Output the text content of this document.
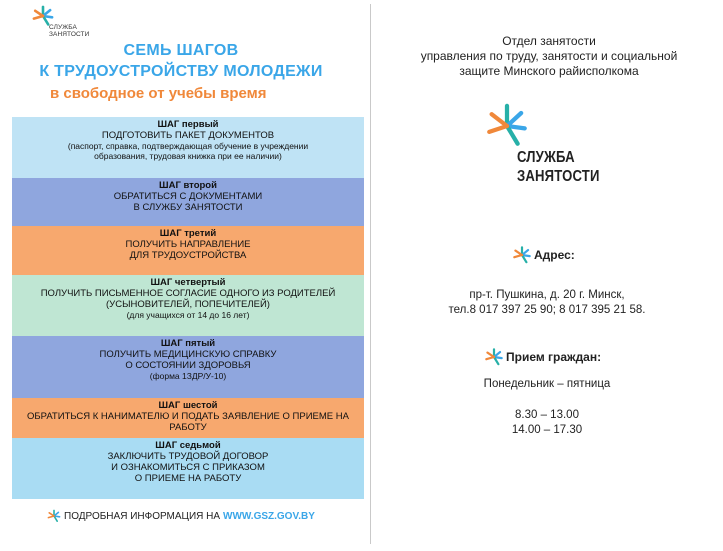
СЛУЖБА
ЗАНЯТОСТИ
СЕМЬ ШАГОВ
К ТРУДОУСТРОЙСТВУ МОЛОДЕЖИ
в свободное от учебы время
ШАГ первый
ПОДГОТОВИТЬ ПАКЕТ ДОКУМЕНТОВ
(паспорт, справка, подтверждающая обучение в учреждении
образования, трудовая книжка при ее наличии)
ШАГ второй
ОБРАТИТЬСЯ С ДОКУМЕНТАМИ
В СЛУЖБУ ЗАНЯТОСТИ
ШАГ третий
ПОЛУЧИТЬ НАПРАВЛЕНИЕ
ДЛЯ ТРУДОУСТРОЙСТВА
ШАГ четвертый
ПОЛУЧИТЬ ПИСЬМЕННОЕ СОГЛАСИЕ ОДНОГО ИЗ РОДИТЕЛЕЙ
(УСЫНОВИТЕЛЕЙ, ПОПЕЧИТЕЛЕЙ)
(для учащихся от 14 до 16 лет)
ШАГ пятый
ПОЛУЧИТЬ МЕДИЦИНСКУЮ СПРАВКУ
О СОСТОЯНИИ ЗДОРОВЬЯ
(форма 1ЗДР/У-10)
ШАГ шестой
ОБРАТИТЬСЯ К НАНИМАТЕЛЮ И ПОДАТЬ ЗАЯВЛЕНИЕ О ПРИЕМЕ НА
РАБОТУ
ШАГ седьмой
ЗАКЛЮЧИТЬ ТРУДОВОЙ ДОГОВОР
И ОЗНАКОМИТЬСЯ С ПРИКАЗОМ
О ПРИЕМЕ НА РАБОТУ
ПОДРОБНАЯ ИНФОРМАЦИЯ НА WWW.GSZ.GOV.BY
Отдел занятости
управления по труду, занятости и социальной
защите Минского райисполкома
СЛУЖБА
ЗАНЯТОСТИ
Адрес:
пр-т. Пушкина, д. 20 г. Минск,
тел.8 017 397 25 90; 8 017 395 21 58.
Прием граждан:
Понедельник – пятница
8.30 – 13.00
14.00 – 17.30
